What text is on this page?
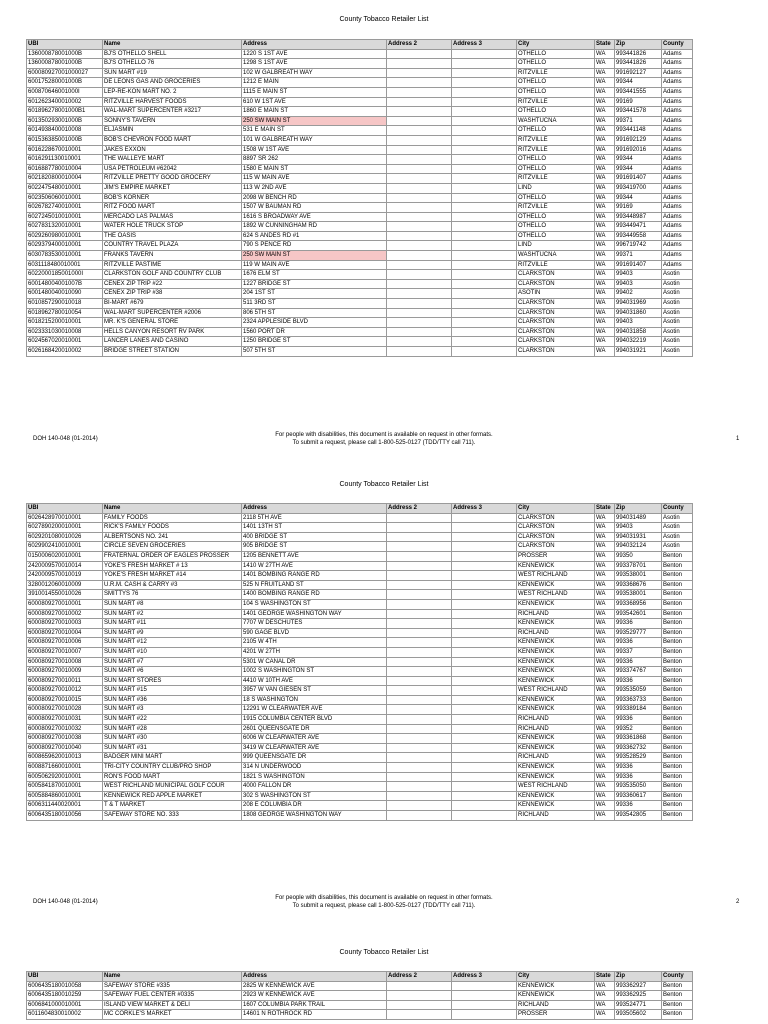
County Tobacco Retailer List
UBI	Name	Address	Address 2	Address 3	City	State	Zip	County
136000878001000B	BJ'S OTHELLO SHELL	1220 S 1ST AVE			OTHELLO	WA	993441826	Adams
136000878001000B	BJ'S OTHELLO 76	1298 S 1ST AVE			OTHELLO	WA	993441826	Adams
600080927001000027	SUN MART #19	102 W GALBREATH WAY			RITZVILLE	WA	991692127	Adams
600175280001000B	DE LEONS GAS AND GROCERIES	1212 E MAIN			OTHELLO	WA	99344	Adams
600870646001000I	LEP-RE-KON MART NO. 2	1115 E MAIN ST			OTHELLO	WA	993441555	Adams
6012623400010002	RITZVILLE HARVEST FOODS	610 W 1ST AVE			RITZVILLE	WA	99169	Adams
601896278001000B1	WAL-MART SUPERCENTER #3217	1860 E MAIN ST			OTHELLO	WA	993441578	Adams
601350293001000B	SONNY'S TAVERN	250 SW MAIN ST			WASHTUCNA	WA	99371	Adams
6014938400010008	ELJASMIN	531 E MAIN ST			OTHELLO	WA	993441148	Adams
601536385001000B	BOB'S CHEVRON FOOD MART	101 W GALBREATH WAY			RITZVILLE	WA	991692129	Adams
6016228670010001	JAKES EXXON	1508 W 1ST AVE			RITZVILLE	WA	991692016	Adams
6016291130010001	THE WALLEYE MART	8897 SR 262			OTHELLO	WA	99344	Adams
6016887780010004	USA PETROLEUM #62042	1580 E MAIN ST			OTHELLO	WA	99344	Adams
6021820800010004	RITZVILLE PRETTY GOOD GROCERY	115 W MAIN AVE			RITZVILLE	WA	991691407	Adams
6022475480010001	JIM'S EMPIRE MARKET	113 W 2ND AVE			LIND	WA	993419700	Adams
6023506060010001	BOB'S KORNER	2098 W BENCH RD			OTHELLO	WA	99344	Adams
6026782740010001	RITZ FOOD MART	1507 W BAUMAN RD			RITZVILLE	WA	99169	Adams
6027245010010001	MERCADO LAS PALMAS	1616 S BROADWAY AVE			OTHELLO	WA	993448987	Adams
6027831320010001	WATER HOLE TRUCK STOP	1892 W CUNNINGHAM RD			OTHELLO	WA	993449471	Adams
6029260980010001	THE OASIS	624 S ANDES RD #1			OTHELLO	WA	993449558	Adams
6029379400010001	COUNTRY TRAVEL PLAZA	790 S PENCE RD			LIND	WA	996719742	Adams
6030783530010001	FRANKS TAVERN	250 SW MAIN ST			WASHTUCNA	WA	99371	Adams
6031118480010001	RITZVILLE PASTIME	119 W MAIN AVE			RITZVILLE	WA	991691407	Adams
6022000185001000I	CLARKSTON GOLF AND COUNTRY CLUB	1676 ELM ST			CLARKSTON	WA	99403	Asotin
600148004001007B	CENEX ZIP TRIP #22	1227 BRIDGE ST			CLARKSTON	WA	99403	Asotin
6001480040010090	CENEX ZIP TRIP #38	204 1ST ST			ASOTIN	WA	99402	Asotin
6010857290010018	BI-MART #679	511 3RD ST			CLARKSTON	WA	994031969	Asotin
6018962780010054	WAL-MART SUPERCENTER #2006	806 5TH ST			CLARKSTON	WA	994031860	Asotin
6018215200010001	MR. K'S GENERAL STORE	2324 APPLESIDE BLVD			CLARKSTON	WA	99403	Asotin
6023331030010008	HELLS CANYON RESORT RV PARK	1560 PORT DR			CLARKSTON	WA	994031858	Asotin
6024567020010001	LANCER LANES AND CASINO	1250 BRIDGE ST			CLARKSTON	WA	994032219	Asotin
6026168420010002	BRIDGE STREET STATION	507 5TH ST			CLARKSTON	WA	994031921	Asotin
DOH 140-048 (01-2014)
For people with disabilities, this document is available on request in other formats.
To submit a request, please call 1-800-525-0127 (TDD/TTY call 711).
1
County Tobacco Retailer List
UBI	Name	Address	Address 2	Address 3	City	State	Zip	County
6026428970010001	FAMILY FOODS	2118 5TH AVE			CLARKSTON	WA	994031489	Asotin
6027890200010001	RICK'S FAMILY FOODS	1401 13TH ST			CLARKSTON	WA	99403	Asotin
6029201080010026	ALBERTSONS NO. 241	400 BRIDGE ST			CLARKSTON	WA	994031931	Asotin
6029902410010001	CIRCLE SEVEN GROCERIES	905 BRIDGE ST			CLARKSTON	WA	994032124	Asotin
0150006020010001	FRATERNAL ORDER OF EAGLES PROSSER	1205 BENNETT AVE			PROSSER	WA	99350	Benton
2420009570010014	YOKE'S FRESH MARKET # 13	1410 W 27TH AVE			KENNEWICK	WA	993378701	Benton
2420009570010019	YOKE'S FRESH MARKET #14	1401 BOMBING RANGE RD			WEST RICHLAND	WA	993538001	Benton
3280012060010009	U.R.M. CASH & CARRY #3	525 N FRUITLAND ST			KENNEWICK	WA	993368676	Benton
3910014550010026	SMITTYS 76	1400 BOMBING RANGE RD			WEST RICHLAND	WA	993538001	Benton
6000809270010001	SUN MART #8	104 S WASHINGTON ST			KENNEWICK	WA	993368956	Benton
6000809270010002	SUN MART #2	1401 GEORGE WASHINGTON WAY			RICHLAND	WA	993542601	Benton
6000809270010003	SUN MART #11	7707 W DESCHUTES			KENNEWICK	WA	99336	Benton
6000809270010004	SUN MART #9	590 GAGE BLVD			RICHLAND	WA	993529777	Benton
6000809270010006	SUN MART #12	2105 W 4TH			KENNEWICK	WA	99336	Benton
6000809270010007	SUN MART #10	4201 W 27TH			KENNEWICK	WA	99337	Benton
6000809270010008	SUN MART #7	5301 W CANAL DR			KENNEWICK	WA	99336	Benton
6000809270010009	SUN MART #6	1002 S WASHINGTON ST			KENNEWICK	WA	993374767	Benton
6000809270010011	SUN MART STORES	4410 W 10TH AVE			KENNEWICK	WA	99336	Benton
6000809270010012	SUN MART #15	3957 W VAN GIESEN ST			WEST RICHLAND	WA	993535059	Benton
6000809270010015	SUN MART #36	18 S WASHINGTON			KENNEWICK	WA	993363733	Benton
6000809270010028	SUN MART #3	12291 W CLEARWATER AVE			KENNEWICK	WA	993389184	Benton
6000809270010031	SUN MART #22	1915 COLUMBIA CENTER BLVD			RICHLAND	WA	99336	Benton
6000809270010032	SUN MART #28	2601 QUEENSGATE DR			RICHLAND	WA	99352	Benton
6000809270010038	SUN MART #30	6006 W CLEARWATER AVE			KENNEWICK	WA	993361868	Benton
6000809270010040	SUN MART #31	3419 W CLEARWATER AVE			KENNEWICK	WA	993362732	Benton
6008659620010013	BADGER MINI MART	999 QUEENSGATE DR			RICHLAND	WA	993528529	Benton
6008871660010001	TRI-CITY COUNTRY CLUB/PRO SHOP	314 N UNDERWOOD			KENNEWICK	WA	99336	Benton
6005062920010001	RON'S FOOD MART	1821 S WASHINGTON			KENNEWICK	WA	99336	Benton
6005841870010001	WEST RICHLAND MUNICIPAL GOLF COUR	4000 FALLON DR			WEST RICHLAND	WA	993535050	Benton
6005884860010001	KENNEWICK RED APPLE MARKET	302 S WASHINGTON ST			KENNEWICK	WA	993360617	Benton
6006311440020001	T & T MARKET	208 E COLUMBIA DR			KENNEWICK	WA	99336	Benton
6006435180010056	SAFEWAY STORE NO. 333	1808 GEORGE WASHINGTON WAY			RICHLAND	WA	993542805	Benton
DOH 140-048 (01-2014)
For people with disabilities, this document is available on request in other formats.
To submit a request, please call 1-800-525-0127 (TDD/TTY call 711).
2
County Tobacco Retailer List
UBI	Name	Address	Address 2	Address 3	City	State	Zip	County
6006435180010058	SAFEWAY STORE #335	2825 W KENNEWICK AVE			KENNEWICK	WA	993362927	Benton
6006435180010259	SAFEWAY FUEL CENTER #0335	2923 W KENNEWICK AVE			KENNEWICK	WA	993362925	Benton
6006841000010001	ISLAND VIEW MARKET & DELI	1607 COLUMBIA PARK TRAIL			RICHLAND	WA	993524771	Benton
6011604830010002	MC CORKLE'S MARKET	14601 N ROTHROCK RD			PROSSER	WA	993505602	Benton
